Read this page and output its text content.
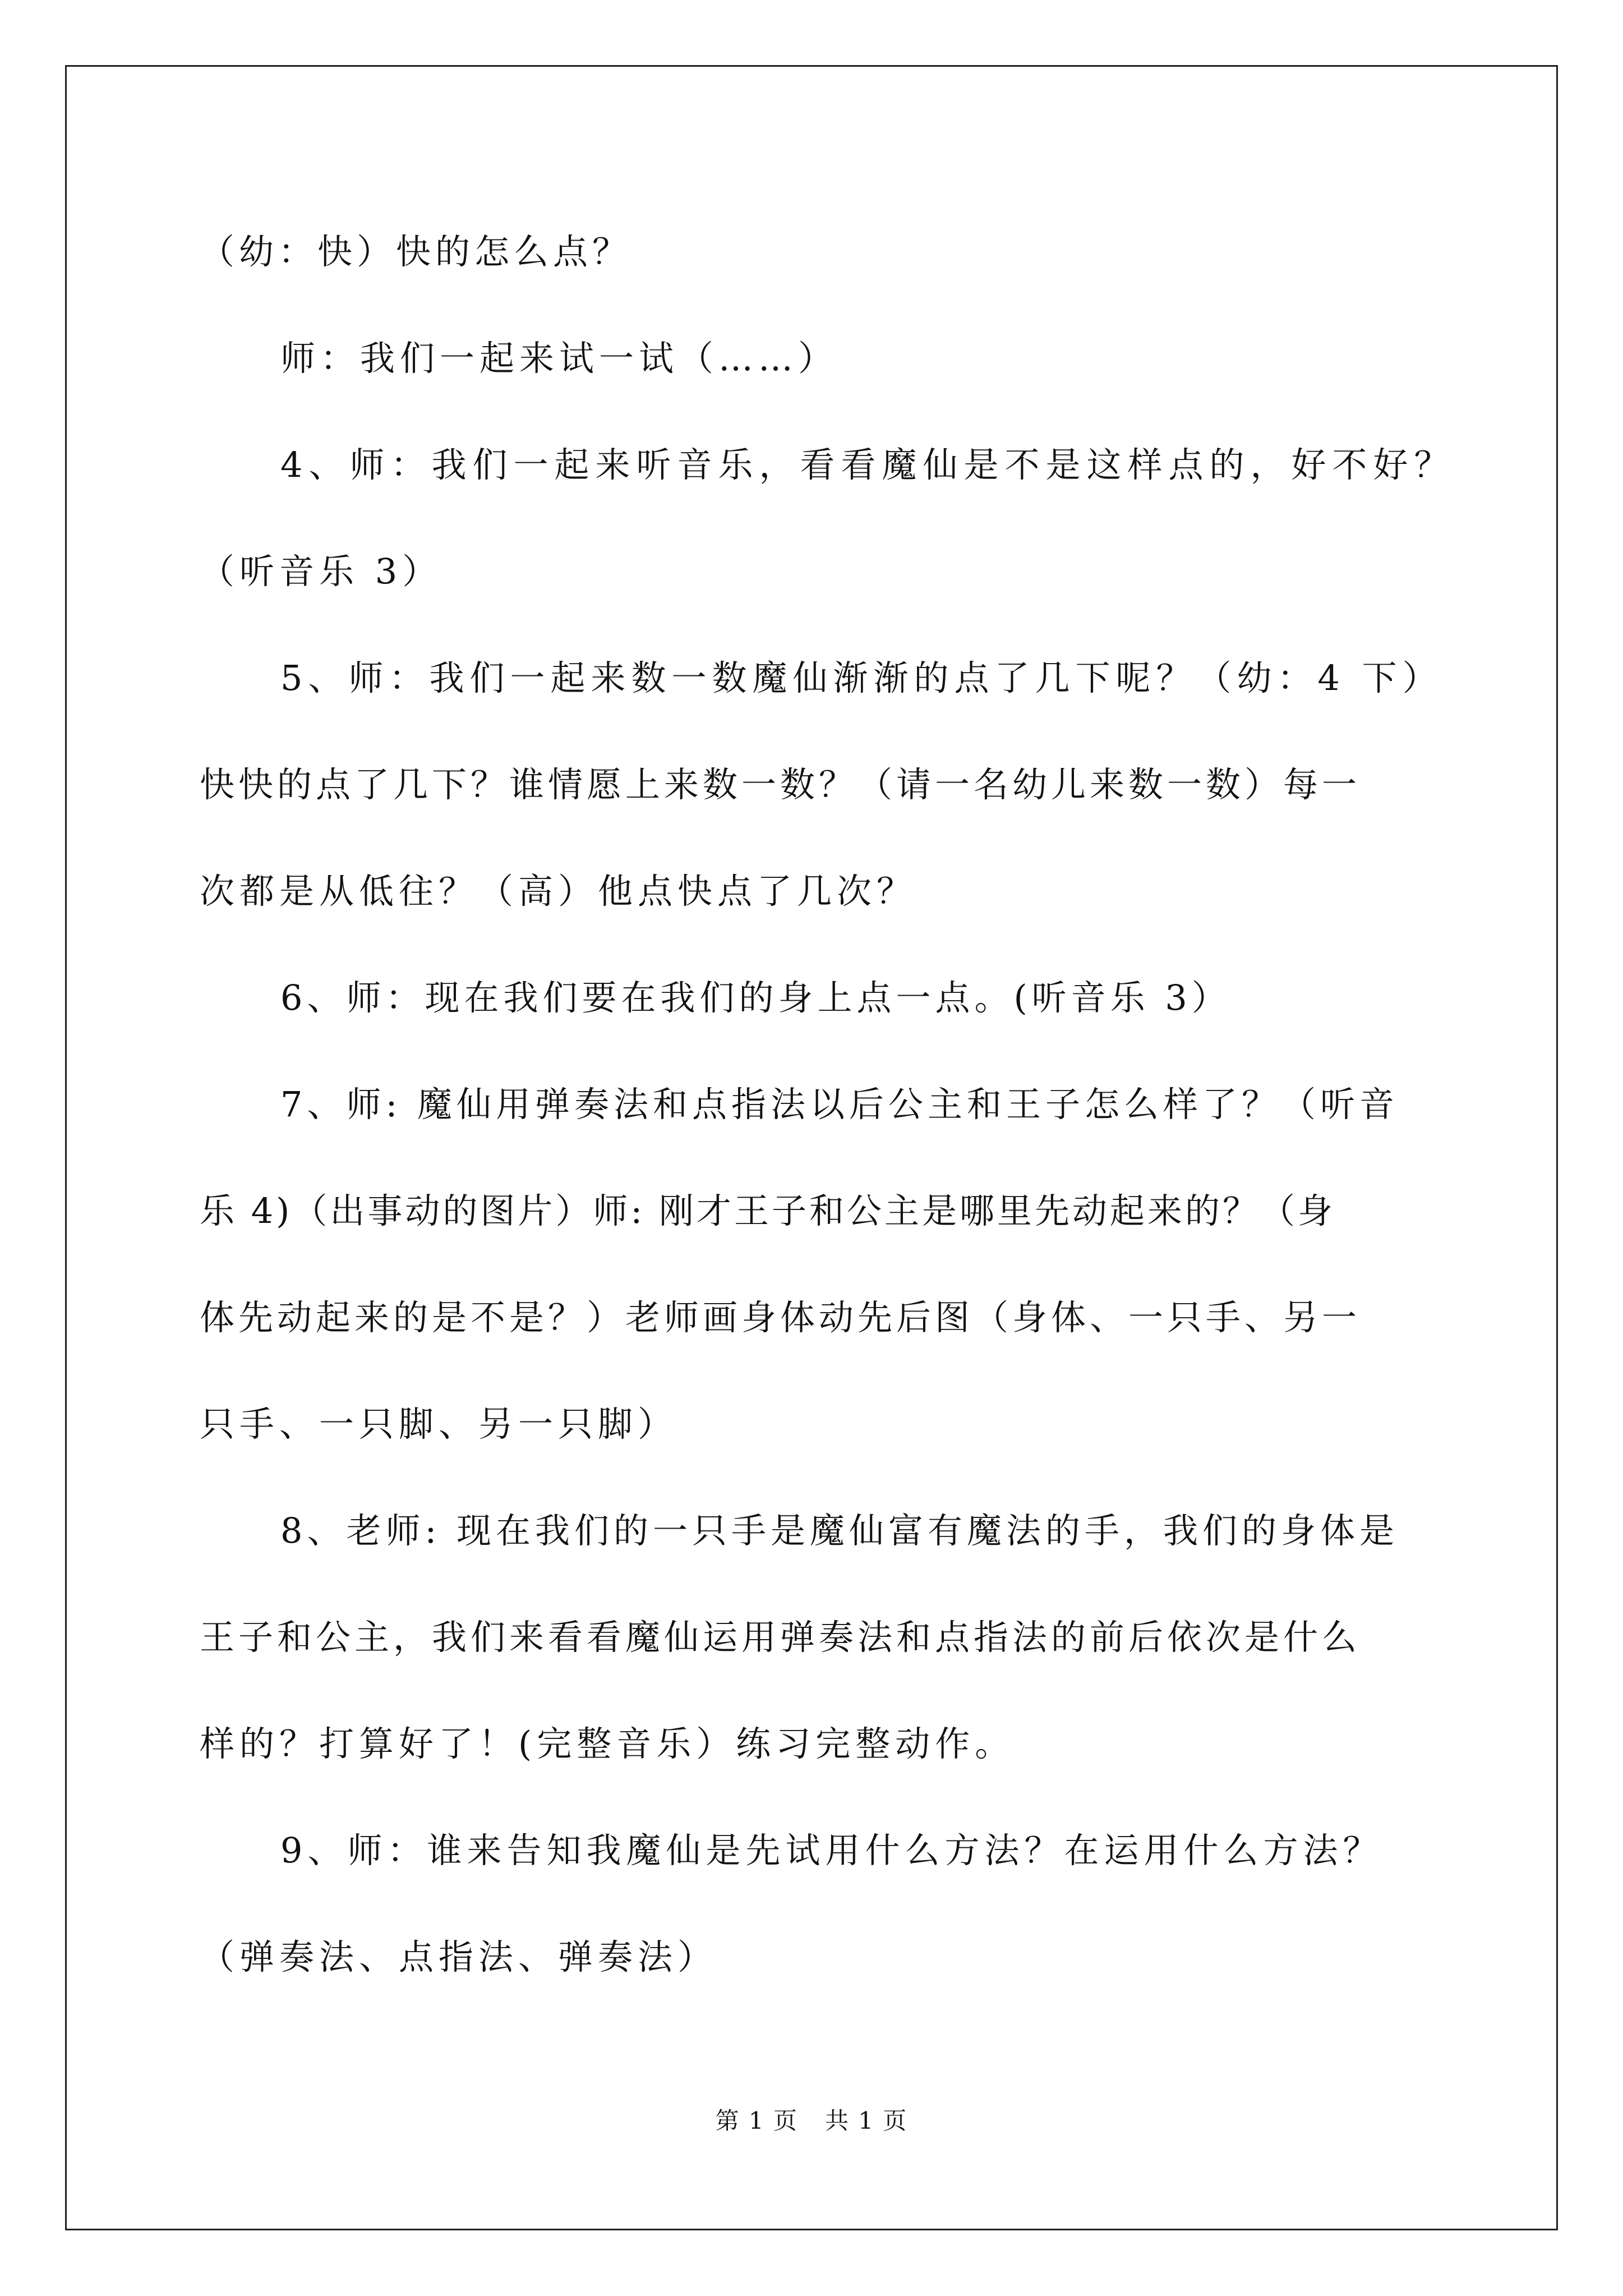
（幼：快）快的怎么点？
师：我们一起来试一试（……）
4、师：我们一起来听音乐，看看魔仙是不是这样点的，好不好？
（听音乐 3）
5、师：我们一起来数一数魔仙渐渐的点了几下呢？（幼：4 下）
快快的点了几下？谁情愿上来数一数？（请一名幼儿来数一数）每一
次都是从低往？（高）他点快点了几次？
6、师：现在我们要在我们的身上点一点。(听音乐 3）
7、师: 魔仙用弹奏法和点指法以后公主和王子怎么样了？（听音
乐 4)（出事动的图片）师: 刚才王子和公主是哪里先动起来的？（身
体先动起来的是不是？）老师画身体动先后图（身体、一只手、另一
只手、一只脚、另一只脚）
8、老师: 现在我们的一只手是魔仙富有魔法的手，我们的身体是
王子和公主，我们来看看魔仙运用弹奏法和点指法的前后依次是什么
样的？打算好了！(完整音乐）练习完整动作。
9、师：谁来告知我魔仙是先试用什么方法？在运用什么方法？
（弹奏法、点指法、弹奏法）
第 1 页 共 1 页
